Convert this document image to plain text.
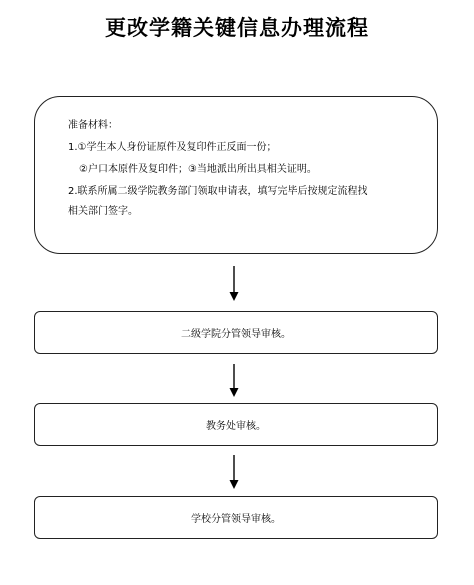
更改学籍关键信息办理流程
准备材料：
1.①学生本人身份证原件及复印件正反面一份；
②户口本原件及复印件；③当地派出所出具相关证明。
2.联系所属二级学院教务部门领取申请表，填写完毕后按规定流程找
相关部门签字。
二级学院分管领导审核。
教务处审核。
学校分管领导审核。
